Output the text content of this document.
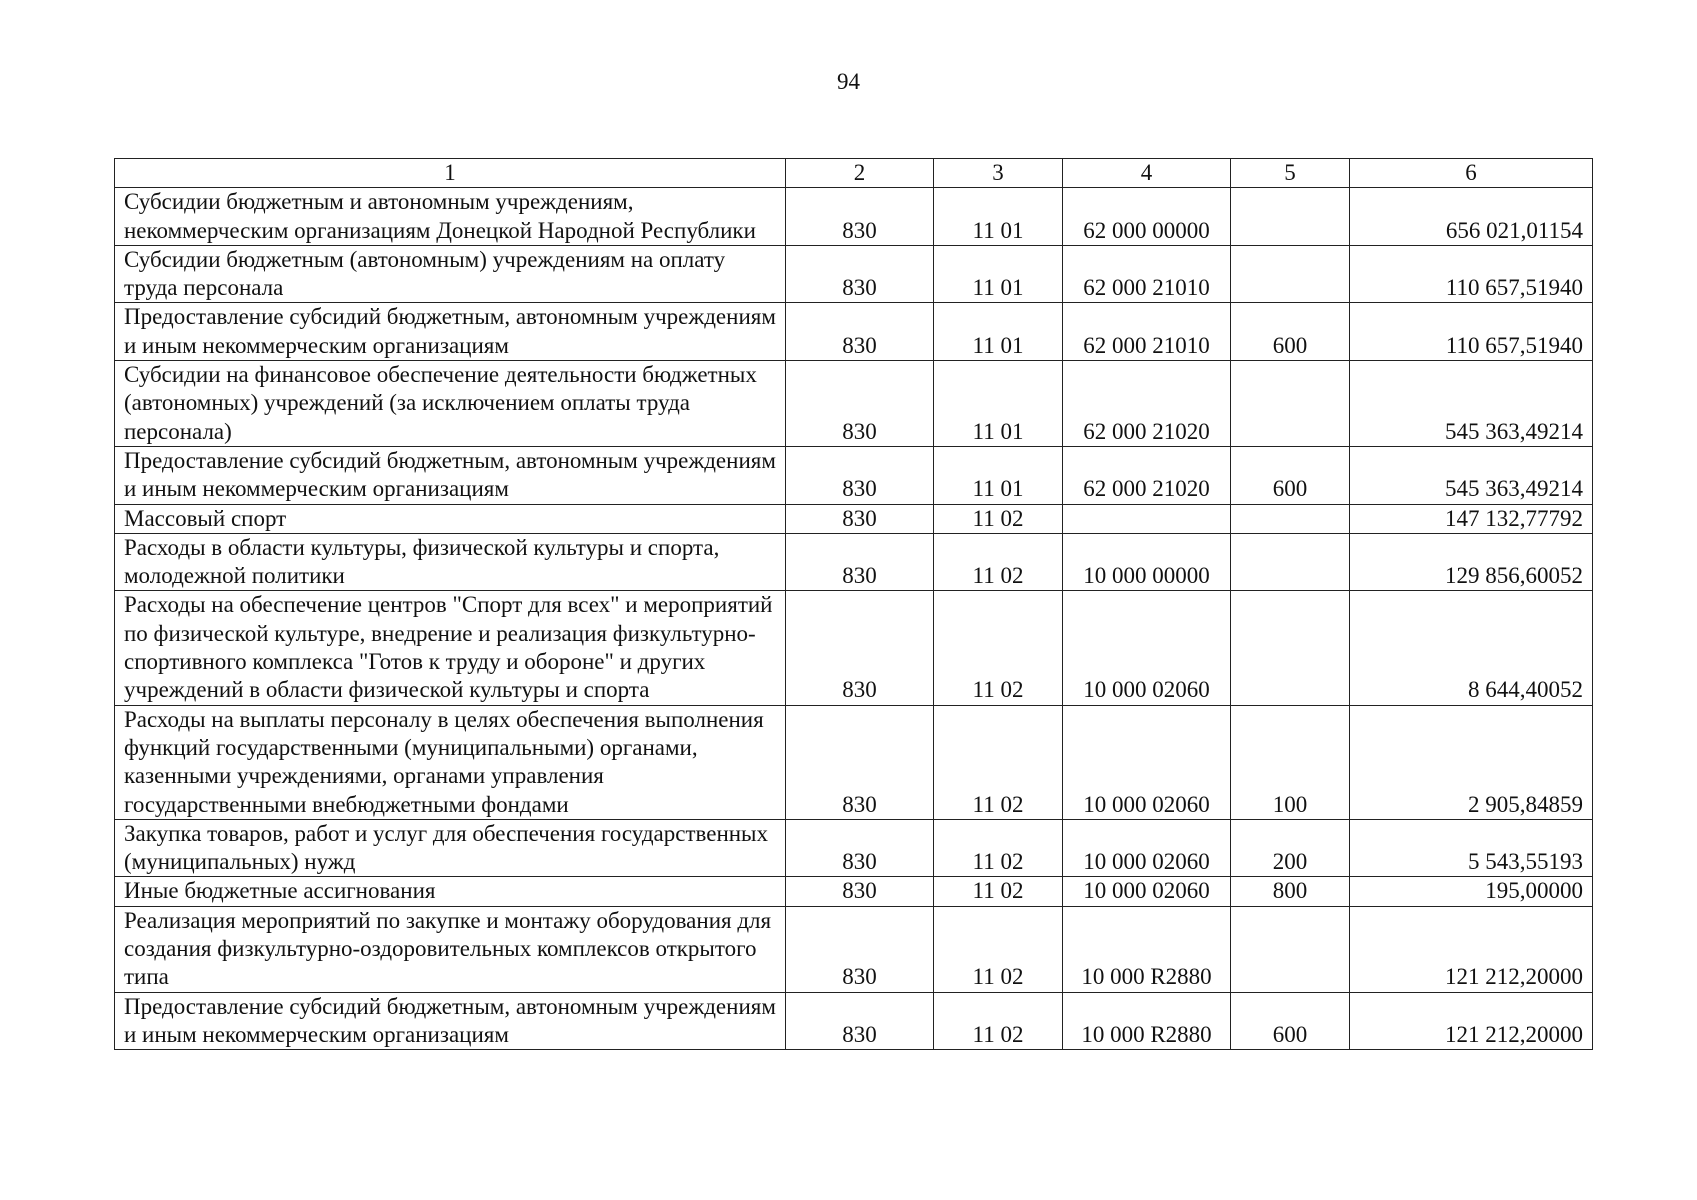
94
1	2	3	4	5	6
Субсидии бюджетным и автономным учреждениям, некоммерческим организациям Донецкой Народной Республики	830	11 01	62 000 00000		656 021,01154
Субсидии бюджетным (автономным) учреждениям на оплату труда персонала	830	11 01	62 000 21010		110 657,51940
Предоставление субсидий бюджетным, автономным учреждениям и иным некоммерческим организациям	830	11 01	62 000 21010	600	110 657,51940
Субсидии на финансовое обеспечение деятельности бюджетных (автономных) учреждений (за исключением оплаты труда персонала)	830	11 01	62 000 21020		545 363,49214
Предоставление субсидий бюджетным, автономным учреждениям и иным некоммерческим организациям	830	11 01	62 000 21020	600	545 363,49214
Массовый спорт	830	11 02			147 132,77792
Расходы в области культуры, физической культуры и спорта, молодежной политики	830	11 02	10 000 00000		129 856,60052
Расходы на обеспечение центров "Спорт для всех" и мероприятий по физической культуре, внедрение и реализация физкультурно-спортивного комплекса "Готов к труду и обороне" и других учреждений в области физической культуры и спорта	830	11 02	10 000 02060		8 644,40052
Расходы на выплаты персоналу в целях обеспечения выполнения функций государственными (муниципальными) органами, казенными учреждениями, органами управления государственными внебюджетными фондами	830	11 02	10 000 02060	100	2 905,84859
Закупка товаров, работ и услуг для обеспечения государственных (муниципальных) нужд	830	11 02	10 000 02060	200	5 543,55193
Иные бюджетные ассигнования	830	11 02	10 000 02060	800	195,00000
Реализация мероприятий по закупке и монтажу оборудования для создания физкультурно-оздоровительных комплексов открытого типа	830	11 02	10 000 R2880		121 212,20000
Предоставление субсидий бюджетным, автономным учреждениям и иным некоммерческим организациям	830	11 02	10 000 R2880	600	121 212,20000
